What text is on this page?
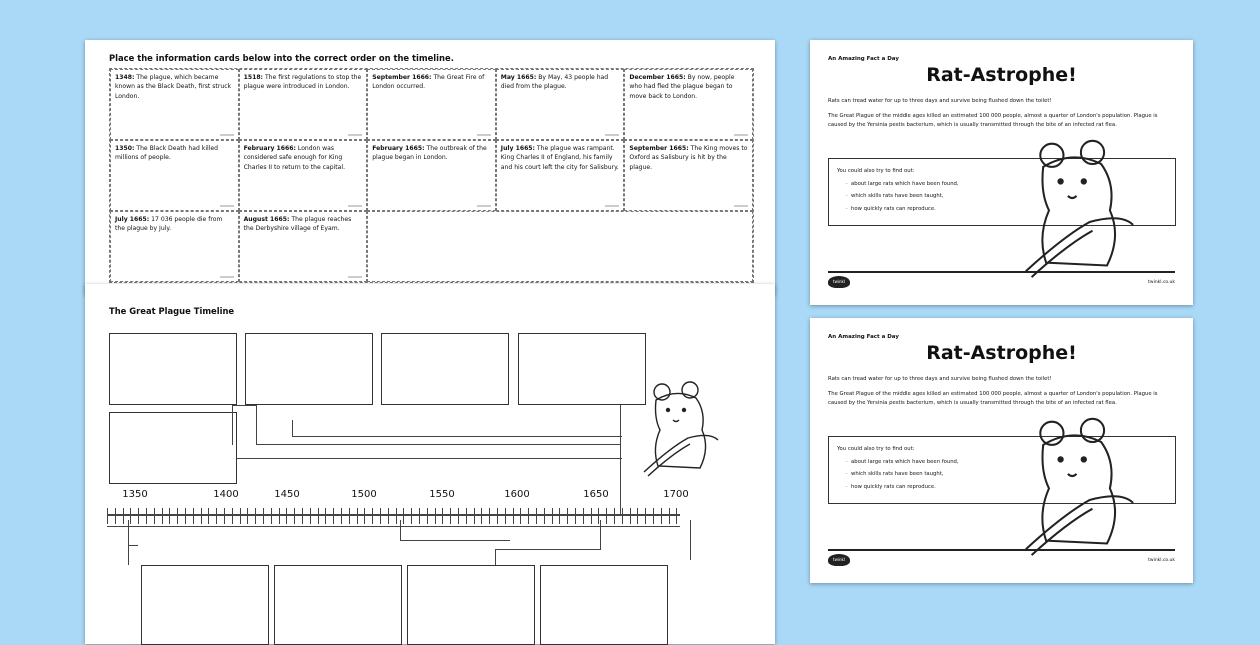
Place the information cards below into the correct order on the timeline.
1348: The plague, which became known as the Black Death, first struck London.
1518: The first regulations to stop the plague were introduced in London.
September 1666: The Great Fire of London occurred.
May 1665: By May, 43 people had died from the plague.
December 1665: By now, people who had fled the plague began to move back to London.
1350: The Black Death had killed millions of people.
February 1666: London was considered safe enough for King Charles II to return to the capital.
February 1665: The outbreak of the plague began in London.
July 1665: The plague was rampant. King Charles II of England, his family and his court left the city for Salisbury.
September 1665: The King moves to Oxford as Salisbury is hit by the plague.
July 1665: 17 036 people die from the plague by July.
August 1665: The plague reaches the Derbyshire village of Eyam.
The Great Plague Timeline
1350	1400	1450	1500	1550	1600	1650	1700
An Amazing Fact a Day
Rat-Astrophe!

Rats can tread water for up to three days and survive being flushed down the toilet!

The Great Plague of the middle ages killed an estimated 100 000 people, almost a quarter of London's population. Plague is caused by the Yersinia pestis bacterium, which is usually transmitted through the bite of an infected rat flea.

You could also try to find out:
· about large rats which have been found,
· which skills rats have been taught,
· how quickly rats can reproduce.
twinkl	twinkl.co.uk
An Amazing Fact a Day
Rat-Astrophe!

Rats can tread water for up to three days and survive being flushed down the toilet!

The Great Plague of the middle ages killed an estimated 100 000 people, almost a quarter of London's population. Plague is caused by the Yersinia pestis bacterium, which is usually transmitted through the bite of an infected rat flea.

You could also try to find out:
· about large rats which have been found,
· which skills rats have been taught,
· how quickly rats can reproduce.
twinkl	twinkl.co.uk
